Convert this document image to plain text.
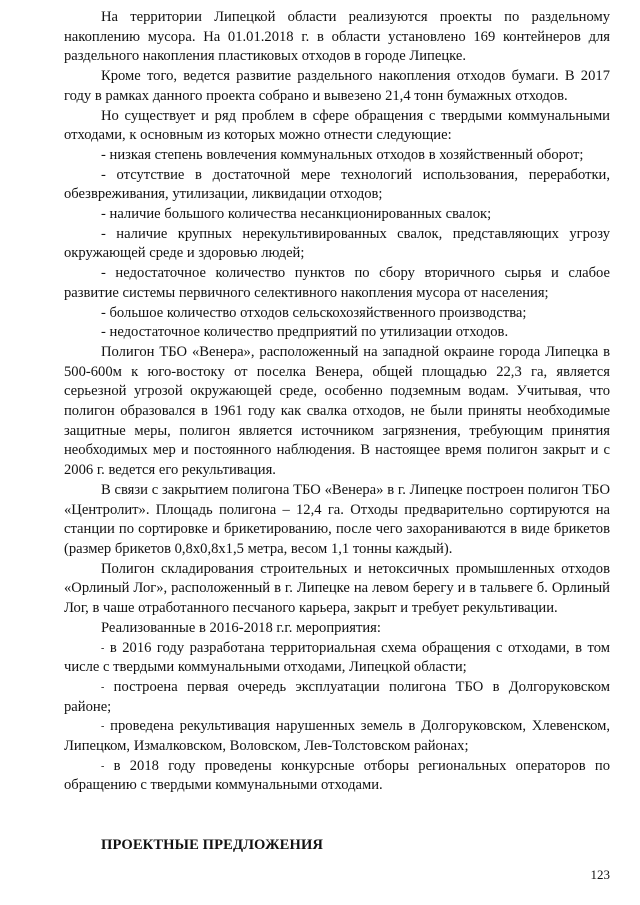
На территории Липецкой области реализуются проекты по раздельному накоплению мусора. На 01.01.2018 г. в области установлено 169 контейнеров для раздельного накопления пластиковых отходов в городе Липецке.

Кроме того, ведется развитие раздельного накопления отходов бумаги. В 2017 году в рамках данного проекта собрано и вывезено 21,4 тонн бумажных отходов.

Но существует и ряд проблем в сфере обращения с твердыми коммунальными отходами, к основным из которых можно отнести следующие:

- низкая степень вовлечения коммунальных отходов в хозяйственный оборот;

- отсутствие в достаточной мере технологий использования, переработки, обезвреживания, утилизации, ликвидации отходов;

- наличие большого количества несанкционированных свалок;

- наличие крупных нерекультивированных свалок, представляющих угрозу окружающей среде и здоровью людей;

- недостаточное количество пунктов по сбору вторичного сырья и слабое развитие системы первичного селективного накопления мусора от населения;

- большое количество отходов сельскохозяйственного производства;

- недостаточное количество предприятий по утилизации отходов.

Полигон ТБО «Венера», расположенный на западной окраине города Липецка в 500-600м к юго-востоку от поселка Венера, общей площадью 22,3 га, является серьезной угрозой окружающей среде, особенно подземным водам. Учитывая, что полигон образовался в 1961 году как свалка отходов, не были приняты необходимые защитные меры, полигон является источником загрязнения, требующим принятия необходимых мер и постоянного наблюдения. В настоящее время полигон закрыт и с 2006 г. ведется его рекультивация.

В связи с закрытием полигона ТБО «Венера» в г. Липецке построен полигон ТБО «Центролит». Площадь полигона – 12,4 га. Отходы предварительно сортируются на станции по сортировке и брикетированию, после чего захораниваются в виде брикетов (размер брикетов 0,8х0,8х1,5 метра, весом 1,1 тонны каждый).

Полигон складирования строительных и нетоксичных промышленных отходов «Орлиный Лог», расположенный в г. Липецке на левом берегу и в тальвеге б. Орлиный Лог, в чаше отработанного песчаного карьера, закрыт и требует рекультивации.

Реализованные в 2016-2018 г.г. мероприятия:

- в 2016 году разработана территориальная схема обращения с отходами, в том числе с твердыми коммунальными отходами, Липецкой области;

- построена первая очередь эксплуатации полигона ТБО в Долгоруковском районе;

- проведена рекультивация нарушенных земель в Долгоруковском, Хлевенском, Липецком, Измалковском, Воловском, Лев-Толстовском районах;

- в 2018 году проведены конкурсные отборы региональных операторов по обращению с твердыми коммунальными отходами.

ПРОЕКТНЫЕ ПРЕДЛОЖЕНИЯ
123
